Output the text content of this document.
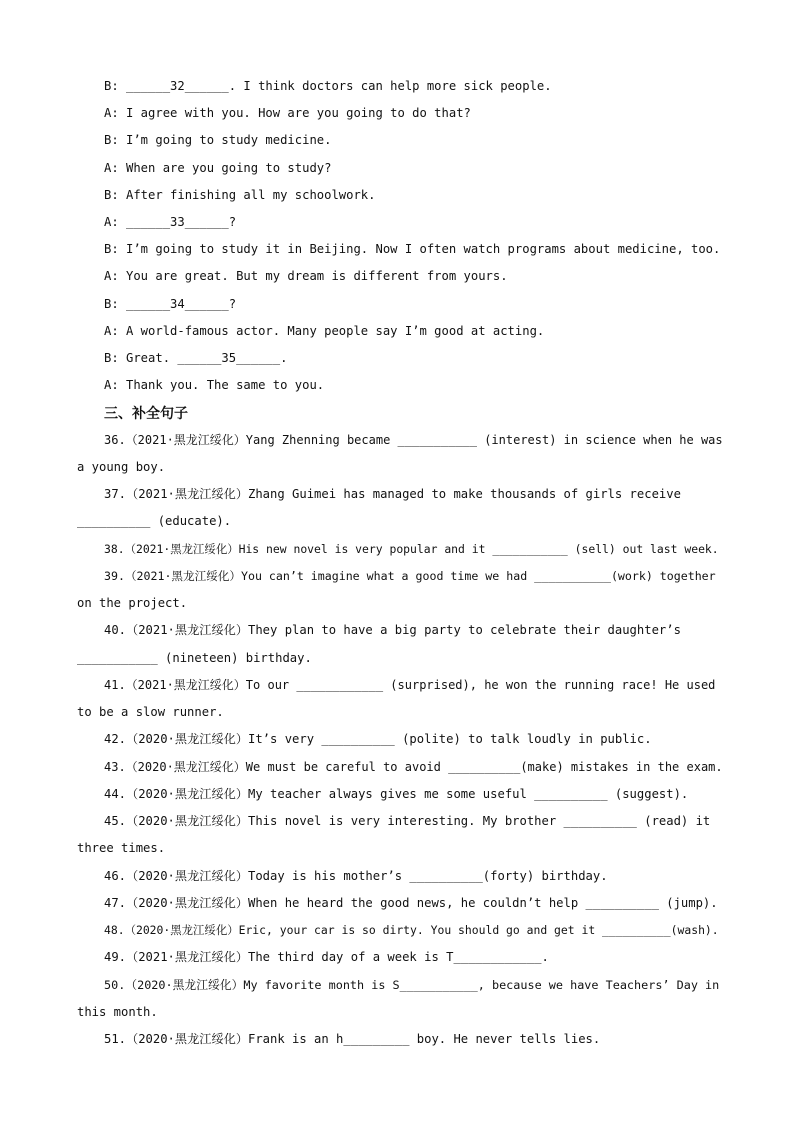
B: ______32______. I think doctors can help more sick people.
A: I agree with you. How are you going to do that?
B: I’m going to study medicine.
A: When are you going to study?
B: After finishing all my schoolwork.
A: ______33______?
B: I’m going to study it in Beijing. Now I often watch programs about medicine, too.
A: You are great. But my dream is different from yours.
B: ______34______?
A: A world-famous actor. Many people say I’m good at acting.
B: Great. ______35______.
A: Thank you. The same to you.
三、补全句子
36.（2021·黑龙江绥化）Yang Zhenning became ___________ (interest) in science when he was
a young boy.
37.（2021·黑龙江绥化）Zhang Guimei has managed to make thousands of girls receive
__________ (educate).
38.（2021·黑龙江绥化）His new novel is very popular and it ___________ (sell) out last week.
39.（2021·黑龙江绥化）You can’t imagine what a good time we had ___________(work) together
on the project.
40.（2021·黑龙江绥化）They plan to have a big party to celebrate their daughter’s
___________ (nineteen) birthday.
41.（2021·黑龙江绥化）To our ____________ (surprised), he won the running race! He used
to be a slow runner.
42.（2020·黑龙江绥化）It’s very __________ (polite) to talk loudly in public.
43.（2020·黑龙江绥化）We must be careful to avoid __________(make) mistakes in the exam.
44.（2020·黑龙江绥化）My teacher always gives me some useful __________ (suggest).
45.（2020·黑龙江绥化）This novel is very interesting. My brother __________ (read) it
three times.
46.（2020·黑龙江绥化）Today is his mother’s __________(forty) birthday.
47.（2020·黑龙江绥化）When he heard the good news, he couldn’t help __________ (jump).
48.（2020·黑龙江绥化）Eric, your car is so dirty. You should go and get it __________(wash).
49.（2021·黑龙江绥化）The third day of a week is T____________.
50.（2020·黑龙江绥化）My favorite month is S___________, because we have Teachers’ Day in
this month.
51.（2020·黑龙江绥化）Frank is an h_________ boy. He never tells lies.
